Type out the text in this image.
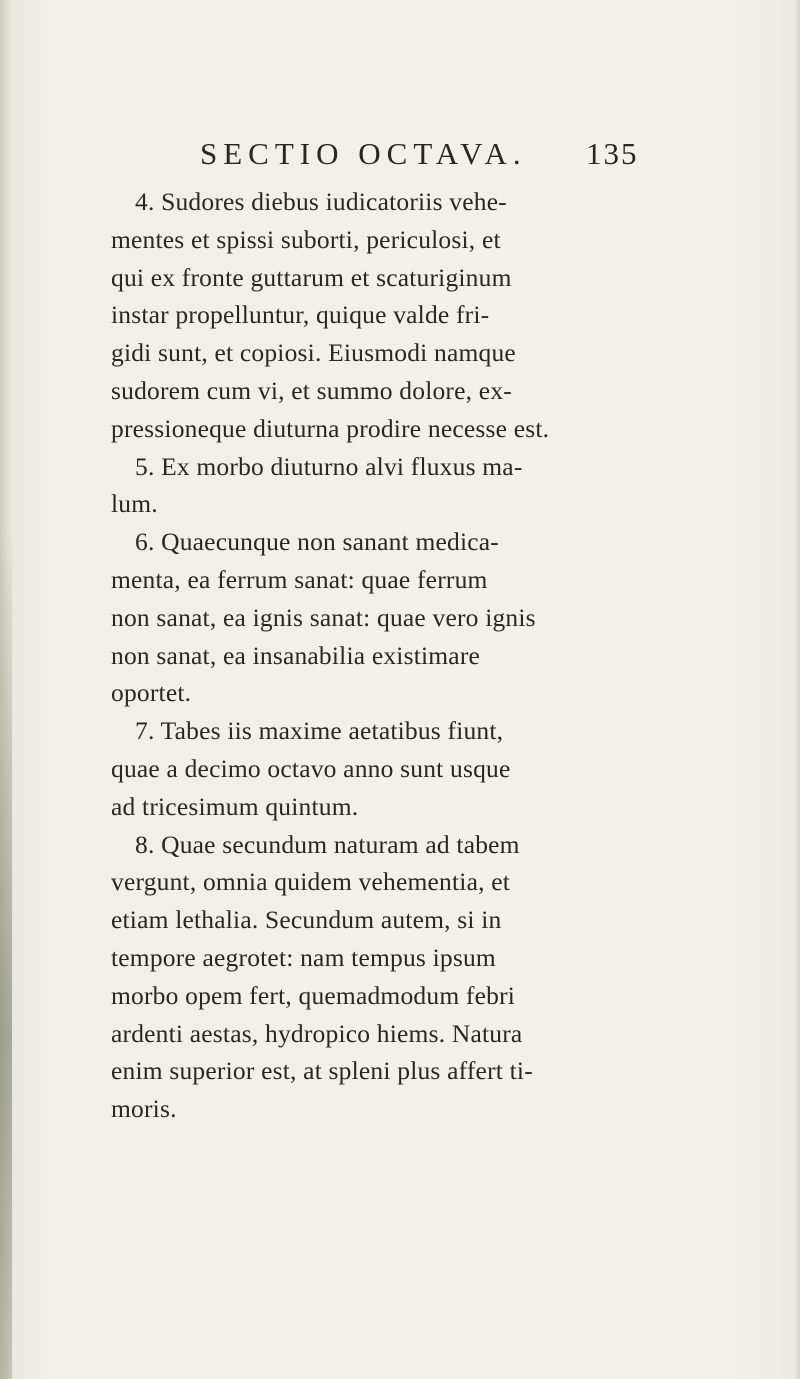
SECTIO OCTAVA. 135
4. Sudores diebus iudicatoriis vehe-
mentes et spissi suborti, periculosi, et
qui ex fronte guttarum et scaturiginum
instar propelluntur, quique valde fri-
gidi sunt, et copiosi. Eiusmodi namque
sudorem cum vi, et summo dolore, ex-
pressioneque diuturna prodire necesse est.
5. Ex morbo diuturno alvi fluxus ma-
lum.
6. Quaecunque non sanant medica-
menta, ea ferrum sanat: quae ferrum
non sanat, ea ignis sanat: quae vero ignis
non sanat, ea insanabilia existimare
oportet.
7. Tabes iis maxime aetatibus fiunt,
quae a decimo octavo anno sunt usque
ad tricesimum quintum.
8. Quae secundum naturam ad tabem
vergunt, omnia quidem vehementia, et
etiam lethalia. Secundum autem, si in
tempore aegrotet: nam tempus ipsum
morbo opem fert, quemadmodum febri
ardenti aestas, hydropico hiems. Natura
enim superior est, at spleni plus affert ti-
moris.
